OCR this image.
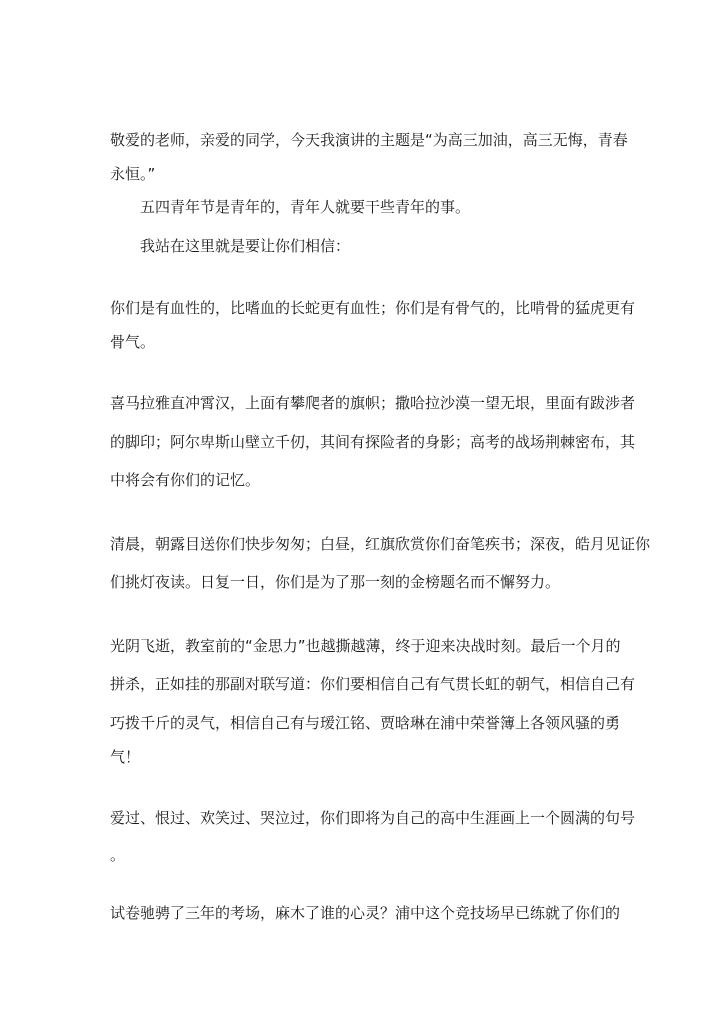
敬爱的老师，亲爱的同学，今天我演讲的主题是“为高三加油，高三无悔，青春
永恒。”
五四青年节是青年的，青年人就要干些青年的事。
我站在这里就是要让你们相信：
你们是有血性的，比嗜血的长蛇更有血性；你们是有骨气的，比啃骨的猛虎更有
骨气。
喜马拉雅直冲霄汉，上面有攀爬者的旗帜；撒哈拉沙漠一望无垠，里面有跋涉者
的脚印；阿尔卑斯山壁立千仞，其间有探险者的身影；高考的战场荆棘密布，其
中将会有你们的记忆。
清晨，朝露目送你们快步匆匆；白昼，红旗欣赏你们奋笔疾书；深夜，皓月见证你
们挑灯夜读。日复一日，你们是为了那一刻的金榜题名而不懈努力。
光阴飞逝，教室前的“金思力”也越撕越薄，终于迎来决战时刻。最后一个月的
拼杀，正如挂的那副对联写道：你们要相信自己有气贯长虹的朝气，相信自己有
巧拨千斤的灵气，相信自己有与瑷江铭、贾晗琳在浦中荣誉簿上各领风骚的勇
气！
爱过、恨过、欢笑过、哭泣过，你们即将为自己的高中生涯画上一个圆满的句号
。
试卷驰骋了三年的考场，麻木了谁的心灵？浦中这个竞技场早已练就了你们的
